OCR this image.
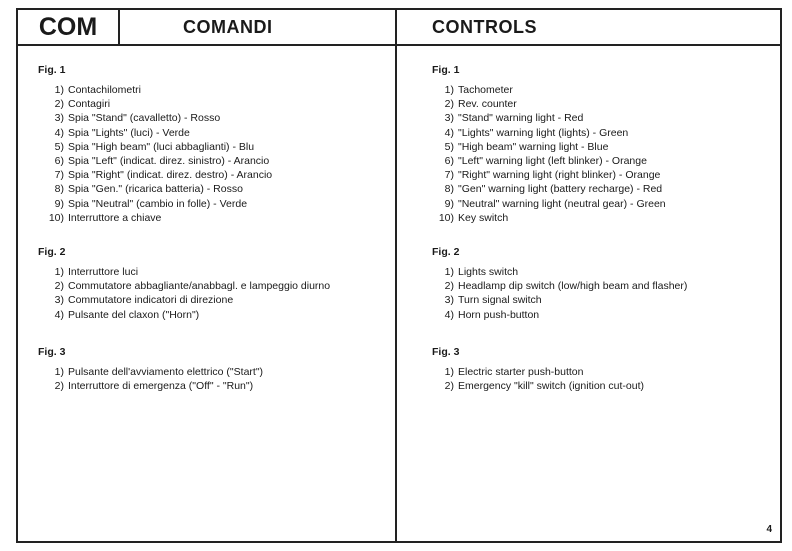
COM	COMANDI	CONTROLS
Fig. 1
1) Contachilometri
2) Contagiri
3) Spia "Stand" (cavalletto) - Rosso
4) Spia "Lights" (luci) - Verde
5) Spia "High beam" (luci abbaglianti) - Blu
6) Spia "Left" (indicat. direz. sinistro) - Arancio
7) Spia "Right" (indicat. direz. destro) - Arancio
8) Spia "Gen." (ricarica batteria) - Rosso
9) Spia "Neutral" (cambio in folle) - Verde
10) Interruttore a chiave
Fig. 2
1) Interruttore luci
2) Commutatore abbagliante/anabbagl. e lampeggio diurno
3) Commutatore indicatori di direzione
4) Pulsante del claxon ("Horn")
Fig. 3
1) Pulsante dell'avviamento elettrico ("Start")
2) Interruttore di emergenza ("Off" - "Run")
Fig. 1
1) Tachometer
2) Rev. counter
3) "Stand" warning light - Red
4) "Lights" warning light (lights) - Green
5) "High beam" warning light - Blue
6) "Left" warning light (left blinker) - Orange
7) "Right" warning light (right blinker) - Orange
8) "Gen" warning light (battery recharge) - Red
9) "Neutral" warning light (neutral gear) - Green
10) Key switch
Fig. 2
1) Lights switch
2) Headlamp dip switch (low/high beam and flasher)
3) Turn signal switch
4) Horn push-button
Fig. 3
1) Electric starter push-button
2) Emergency "kill" switch (ignition cut-out)
4
